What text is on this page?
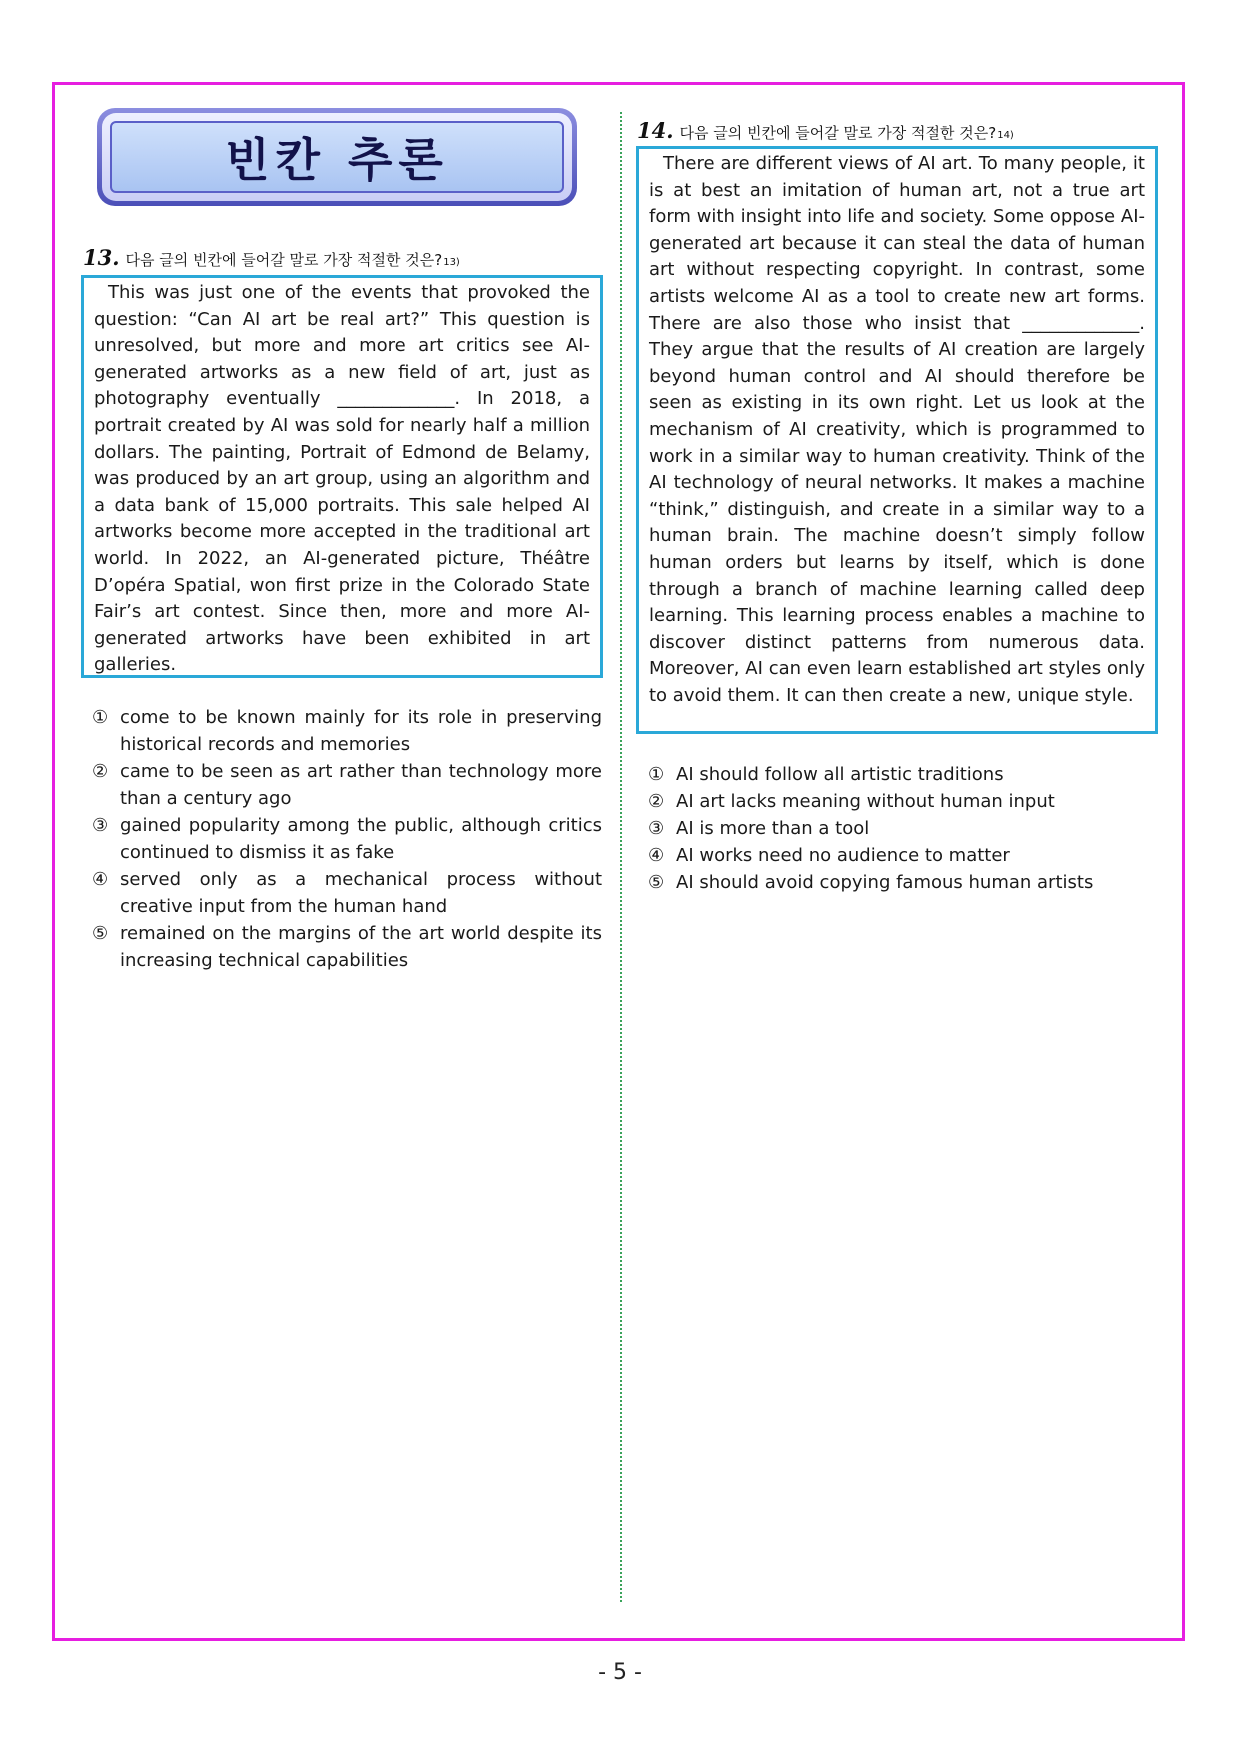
빈칸 추론
13. 다음 글의 빈칸에 들어갈 말로 가장 적절한 것은? 13)

This was just one of the events that provoked the question: “Can AI art be real art?” This question is unresolved, but more and more art critics see AI-generated artworks as a new field of art, just as photography eventually _____________. In 2018, a portrait created by AI was sold for nearly half a million dollars. The painting, Portrait of Edmond de Belamy, was produced by an art group, using an algorithm and a data bank of 15,000 portraits. This sale helped AI artworks become more accepted in the traditional art world. In 2022, an AI-generated picture, Théâtre D’opéra Spatial, won first prize in the Colorado State Fair’s art contest. Since then, more and more AI-generated artworks have been exhibited in art galleries.

① come to be known mainly for its role in preserving historical records and memories
② came to be seen as art rather than technology more than a century ago
③ gained popularity among the public, although critics continued to dismiss it as fake
④ served only as a mechanical process without creative input from the human hand
⑤ remained on the margins of the art world despite its increasing technical capabilities
14. 다음 글의 빈칸에 들어갈 말로 가장 적절한 것은? 14)

There are different views of AI art. To many people, it is at best an imitation of human art, not a true art form with insight into life and society. Some oppose AI-generated art because it can steal the data of human art without respecting copyright. In contrast, some artists welcome AI as a tool to create new art forms. There are also those who insist that _____________. They argue that the results of AI creation are largely beyond human control and AI should therefore be seen as existing in its own right. Let us look at the mechanism of AI creativity, which is programmed to work in a similar way to human creativity. Think of the AI technology of neural networks. It makes a machine “think,” distinguish, and create in a similar way to a human brain. The machine doesn’t simply follow human orders but learns by itself, which is done through a branch of machine learning called deep learning. This learning process enables a machine to discover distinct patterns from numerous data. Moreover, AI can even learn established art styles only to avoid them. It can then create a new, unique style.

① AI should follow all artistic traditions
② AI art lacks meaning without human input
③ AI is more than a tool
④ AI works need no audience to matter
⑤ AI should avoid copying famous human artists
- 5 -
